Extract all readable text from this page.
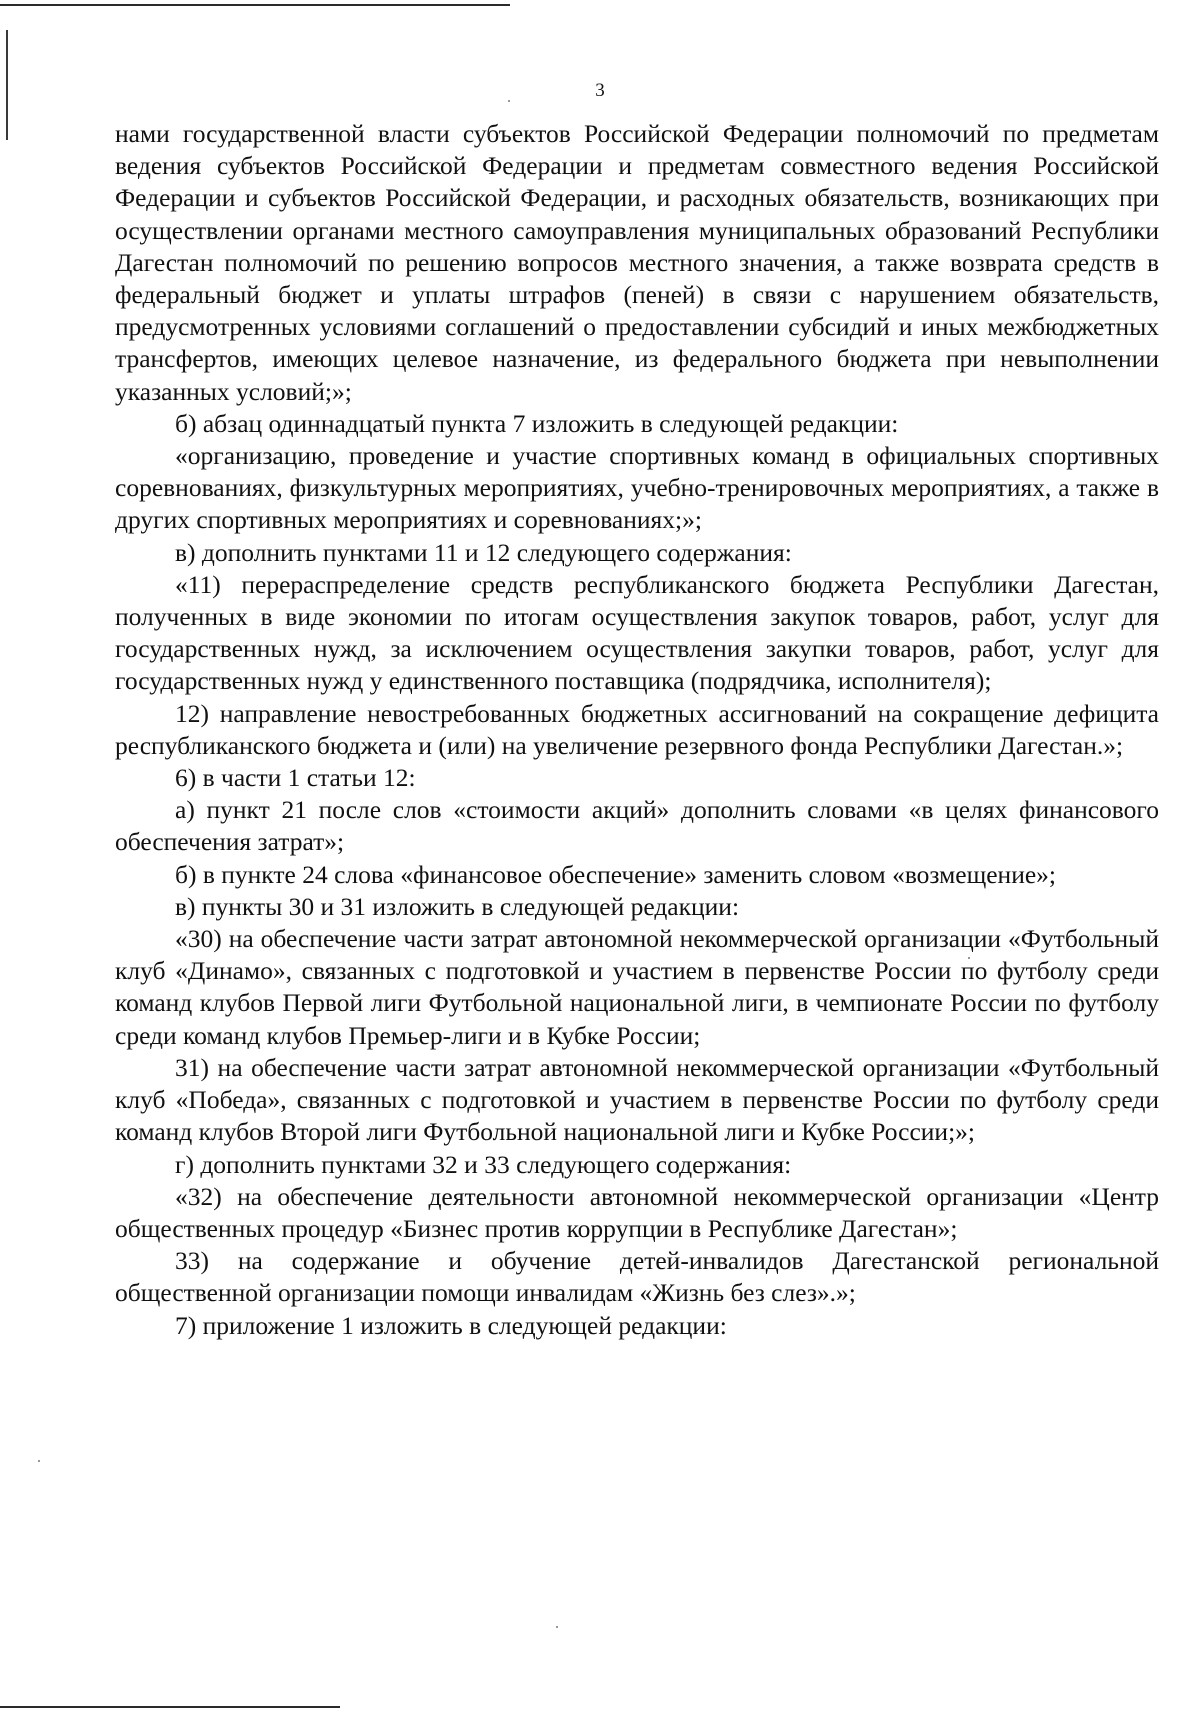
3

нами государственной власти субъектов Российской Федерации полномочий по предметам ведения субъектов Российской Федерации и предметам совместного ведения Российской Федерации и субъектов Российской Федерации, и расходных обязательств, возникающих при осуществлении органами местного самоуправления муниципальных образований Республики Дагестан полномочий по решению вопросов местного значения, а также возврата средств в федеральный бюджет и уплаты штрафов (пеней) в связи с нарушением обязательств, предусмотренных условиями соглашений о предоставлении субсидий и иных межбюджетных трансфертов, имеющих целевое назначение, из федерального бюджета при невыполнении указанных условий;»;

б) абзац одиннадцатый пункта 7 изложить в следующей редакции:

«организацию, проведение и участие спортивных команд в официальных спортивных соревнованиях, физкультурных мероприятиях, учебно-тренировочных мероприятиях, а также в других спортивных мероприятиях и соревнованиях;»;

в) дополнить пунктами 11 и 12 следующего содержания:

«11) перераспределение средств республиканского бюджета Республики Дагестан, полученных в виде экономии по итогам осуществления закупок товаров, работ, услуг для государственных нужд, за исключением осуществления закупки товаров, работ, услуг для государственных нужд у единственного поставщика (подрядчика, исполнителя);

12) направление невостребованных бюджетных ассигнований на сокращение дефицита республиканского бюджета и (или) на увеличение резервного фонда Республики Дагестан.»;

6) в части 1 статьи 12:

а) пункт 21 после слов «стоимости акций» дополнить словами «в целях финансового обеспечения затрат»;

б) в пункте 24 слова «финансовое обеспечение» заменить словом «возмещение»;

в) пункты 30 и 31 изложить в следующей редакции:

«30) на обеспечение части затрат автономной некоммерческой организации «Футбольный клуб «Динамо», связанных с подготовкой и участием в первенстве России по футболу среди команд клубов Первой лиги Футбольной национальной лиги, в чемпионате России по футболу среди команд клубов Премьер-лиги и в Кубке России;

31) на обеспечение части затрат автономной некоммерческой организации «Футбольный клуб «Победа», связанных с подготовкой и участием в первенстве России по футболу среди команд клубов Второй лиги Футбольной национальной лиги и Кубке России;»;

г) дополнить пунктами 32 и 33 следующего содержания:

«32) на обеспечение деятельности автономной некоммерческой организации «Центр общественных процедур «Бизнес против коррупции в Республике Дагестан»;

33) на содержание и обучение детей-инвалидов Дагестанской региональной общественной организации помощи инвалидам «Жизнь без слез».»;

7) приложение 1 изложить в следующей редакции:
